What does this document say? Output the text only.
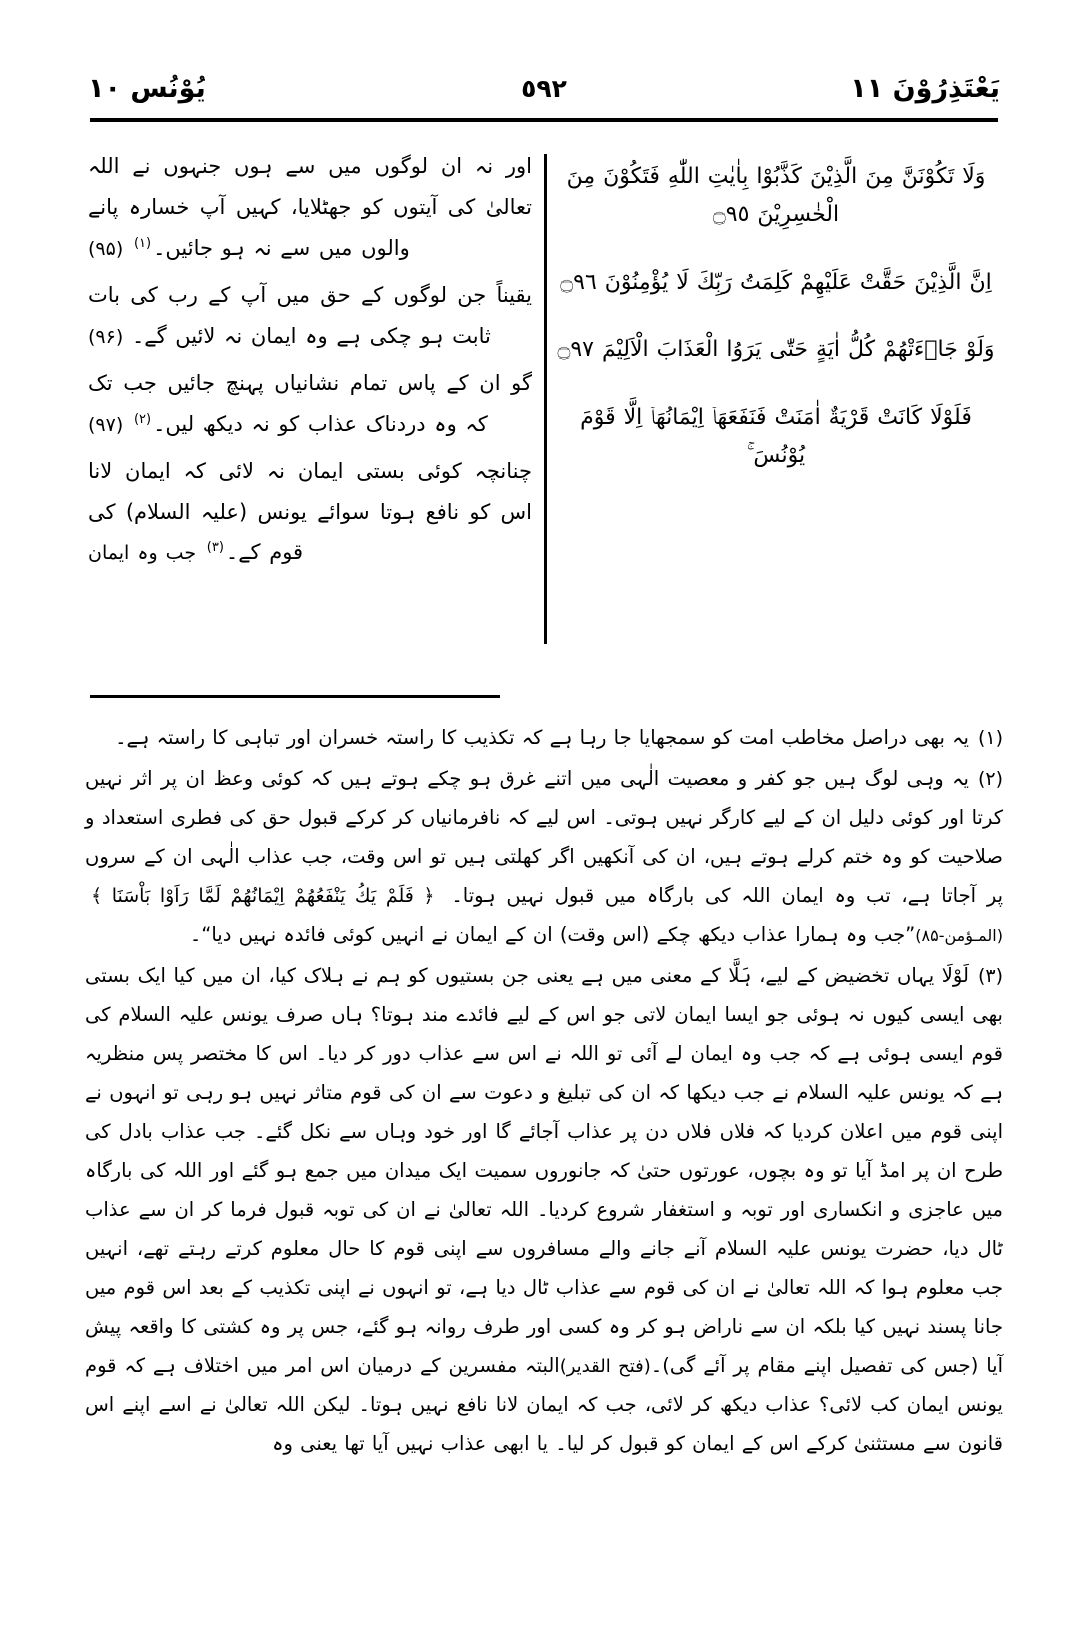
يَعْتَذِرُوْنَ ١١
٥٩٢
يُوْنُس ١٠
وَلَا تَكُوْنَنَّ مِنَ الَّذِيْنَ كَذَّبُوْا بِاٰيٰتِ اللّٰهِ فَتَكُوْنَ مِنَ الْخٰسِرِيْنَ ۝٩٥
اِنَّ الَّذِيْنَ حَقَّتْ عَلَيْهِمْ كَلِمَتُ رَبِّكَ لَا يُؤْمِنُوْنَ ۝٩٦
وَلَوْ جَاۤءَتْهُمْ كُلُّ اٰيَةٍ حَتّٰى يَرَوُا الْعَذَابَ الْاَلِيْمَ ۝٩٧
فَلَوْلَا كَانَتْ قَرْيَةٌ اٰمَنَتْ فَنَفَعَهَاۤ اِيْمَانُهَاۤ اِلَّا قَوْمَ يُوْنُسَ ۚ
اور نہ ان لوگوں میں سے ہوں جنہوں نے اللہ تعالیٰ کی آیتوں کو جھٹلایا، کہیں آپ خسارہ پانے والوں میں سے نہ ہو جائیں۔$^{(۱)}$ (۹۵)
یقیناً جن لوگوں کے حق میں آپ کے رب کی بات ثابت ہو چکی ہے وہ ایمان نہ لائیں گے۔ (۹۶)
گو ان کے پاس تمام نشانیاں پہنچ جائیں جب تک کہ وہ دردناک عذاب کو نہ دیکھ لیں۔$^{(۲)}$ (۹۷)
چنانچہ کوئی بستی ایمان نہ لائی کہ ایمان لانا اس کو نافع ہوتا سوائے یونس (علیہ السلام) کی قوم کے۔$^{(۳)}$ جب وہ ایمان
(۱)یہ بھی دراصل مخاطب امت کو سمجھایا جا رہا ہے کہ تکذیب کا راستہ خسران اور تباہی کا راستہ ہے۔
(۲)یہ وہی لوگ ہیں جو کفر و معصیت الٰہی میں اتنے غرق ہو چکے ہوتے ہیں کہ کوئی وعظ ان پر اثر نہیں کرتا اور کوئی دلیل ان کے لیے کارگر نہیں ہوتی۔ اس لیے کہ نافرمانیاں کر کرکے قبول حق کی فطری استعداد و صلاحیت کو وہ ختم کرلے ہوتے ہیں، ان کی آنکھیں اگر کھلتی ہیں تو اس وقت، جب عذاب الٰہی ان کے سروں پر آجاتا ہے، تب وہ ایمان اللہ کی بارگاہ میں قبول نہیں ہوتا۔ ﴿ فَلَمْ يَكُ يَنْفَعُهُمْ اِيْمَانُهُمْ لَمَّا رَاَوْا بَاْسَنَا ﴾(المـؤمن-۸۵)”جب وہ ہمارا عذاب دیکھ چکے (اس وقت) ان کے ایمان نے انہیں کوئی فائدہ نہیں دیا“۔
(۳)لَوْلَا یہاں تخضیض کے لیے، ہَلَّا کے معنی میں ہے یعنی جن بستیوں کو ہم نے ہلاک کیا، ان میں کیا ایک بستی بھی ایسی کیوں نہ ہوئی جو ایسا ایمان لاتی جو اس کے لیے فائدے مند ہوتا؟ ہاں صرف یونس علیہ السلام کی قوم ایسی ہوئی ہے کہ جب وہ ایمان لے آئی تو اللہ نے اس سے عذاب دور کر دیا۔ اس کا مختصر پس منظریہ ہے کہ یونس علیہ السلام نے جب دیکھا کہ ان کی تبلیغ و دعوت سے ان کی قوم متاثر نہیں ہو رہی تو انہوں نے اپنی قوم میں اعلان کردیا کہ فلاں فلاں دن پر عذاب آجائے گا اور خود وہاں سے نکل گئے۔ جب عذاب بادل کی طرح ان پر امڈ آیا تو وہ بچوں، عورتوں حتیٰ کہ جانوروں سمیت ایک میدان میں جمع ہو گئے اور اللہ کی بارگاہ میں عاجزی و انکساری اور توبہ و استغفار شروع کردیا۔ اللہ تعالیٰ نے ان کی توبہ قبول فرما کر ان سے عذاب ٹال دیا، حضرت یونس علیہ السلام آنے جانے والے مسافروں سے اپنی قوم کا حال معلوم کرتے رہتے تھے، انہیں جب معلوم ہوا کہ اللہ تعالیٰ نے ان کی قوم سے عذاب ٹال دیا ہے، تو انہوں نے اپنی تکذیب کے بعد اس قوم میں جانا پسند نہیں کیا بلکہ ان سے ناراض ہو کر وہ کسی اور طرف روانہ ہو گئے، جس پر وہ کشتی کا واقعہ پیش آیا (جس کی تفصیل اپنے مقام پر آئے گی)۔(فتح القدیر)البتہ مفسرین کے درمیان اس امر میں اختلاف ہے کہ قوم یونس ایمان کب لائی؟ عذاب دیکھ کر لائی، جب کہ ایمان لانا نافع نہیں ہوتا۔ لیکن اللہ تعالیٰ نے اسے اپنے اس قانون سے مستثنیٰ کرکے اس کے ایمان کو قبول کر لیا۔ یا ابھی عذاب نہیں آیا تھا یعنی وہ
